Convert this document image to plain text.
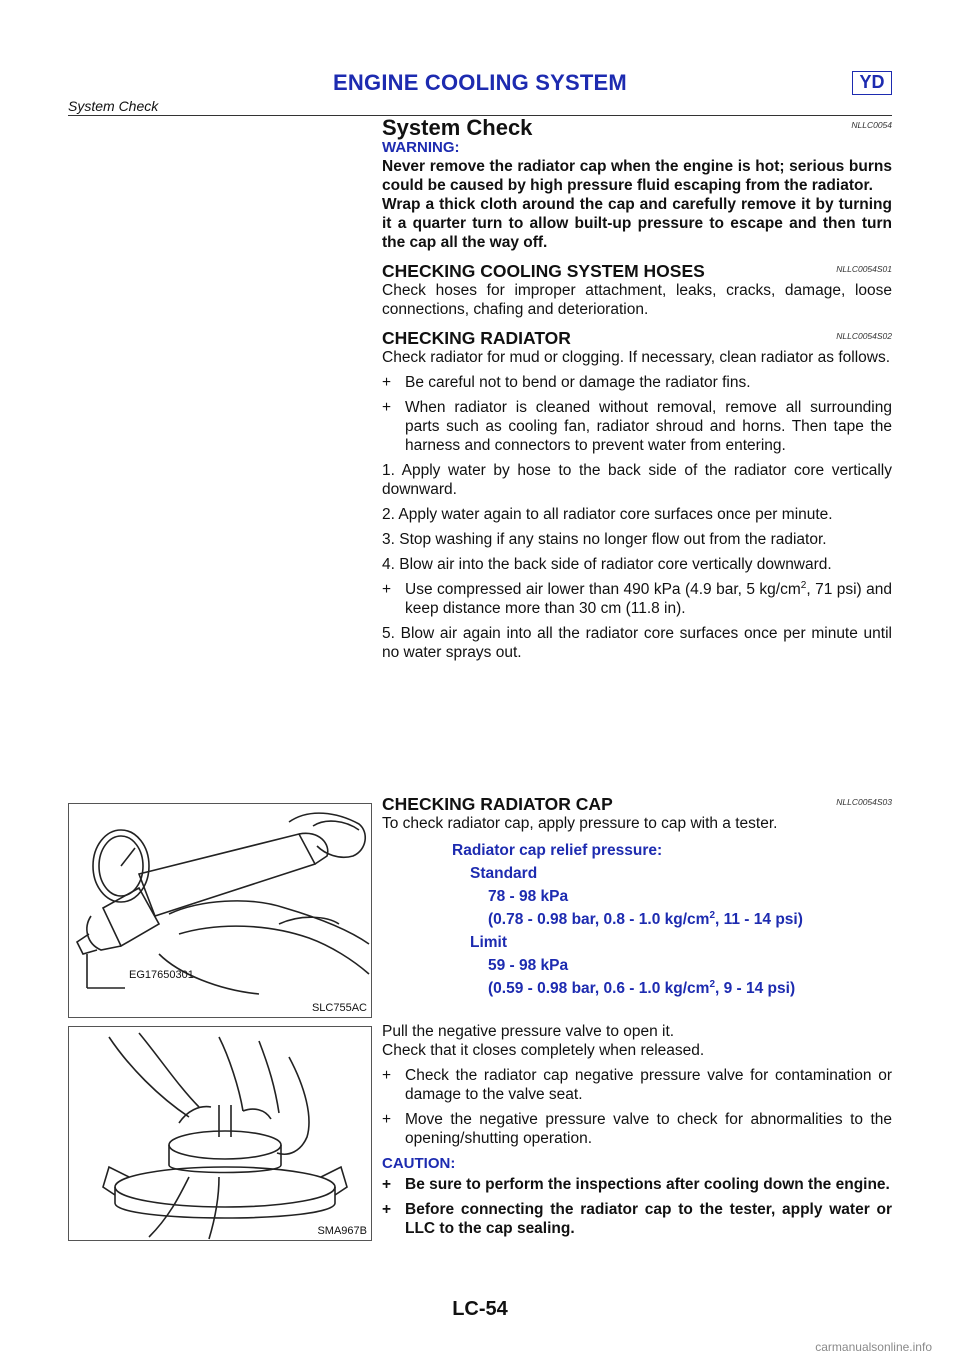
ENGINE COOLING SYSTEM	YD
System Check
EG17650301
SLC755AC
SMA967B
System Check	NLLC0054
WARNING:
Never remove the radiator cap when the engine is hot; serious burns could be caused by high pressure fluid escaping from the radiator.
Wrap a thick cloth around the cap and carefully remove it by turning it a quarter turn to allow built-up pressure to escape and then turn the cap all the way off.
CHECKING COOLING SYSTEM HOSES	NLLC0054S01
Check hoses for improper attachment, leaks, cracks, damage, loose connections, chafing and deterioration.
CHECKING RADIATOR	NLLC0054S02
Check radiator for mud or clogging. If necessary, clean radiator as follows.
+ Be careful not to bend or damage the radiator fins.
+ When radiator is cleaned without removal, remove all surrounding parts such as cooling fan, radiator shroud and horns. Then tape the harness and connectors to prevent water from entering.
1. Apply water by hose to the back side of the radiator core vertically downward.
2. Apply water again to all radiator core surfaces once per minute.
3. Stop washing if any stains no longer flow out from the radiator.
4. Blow air into the back side of radiator core vertically downward.
+ Use compressed air lower than 490 kPa (4.9 bar, 5 $kg/cm^2$, 71 psi) and keep distance more than 30 cm (11.8 in).
5. Blow air again into all the radiator core surfaces once per minute until no water sprays out.
CHECKING RADIATOR CAP	NLLC0054S03
To check radiator cap, apply pressure to cap with a tester.
Radiator cap relief pressure:
Standard
78 - 98 kPa
(0.78 - 0.98 bar, 0.8 - 1.0 $kg/cm^2$, 11 - 14 psi)
Limit
59 - 98 kPa
(0.59 - 0.98 bar, 0.6 - 1.0 $kg/cm^2$, 9 - 14 psi)
Pull the negative pressure valve to open it.
Check that it closes completely when released.
+ Check the radiator cap negative pressure valve for contamination or damage to the valve seat.
+ Move the negative pressure valve to check for abnormalities to the opening/shutting operation.
CAUTION:
+ Be sure to perform the inspections after cooling down the engine.
+ Before connecting the radiator cap to the tester, apply water or LLC to the cap sealing.
LC-54
carmanualsonline.info
